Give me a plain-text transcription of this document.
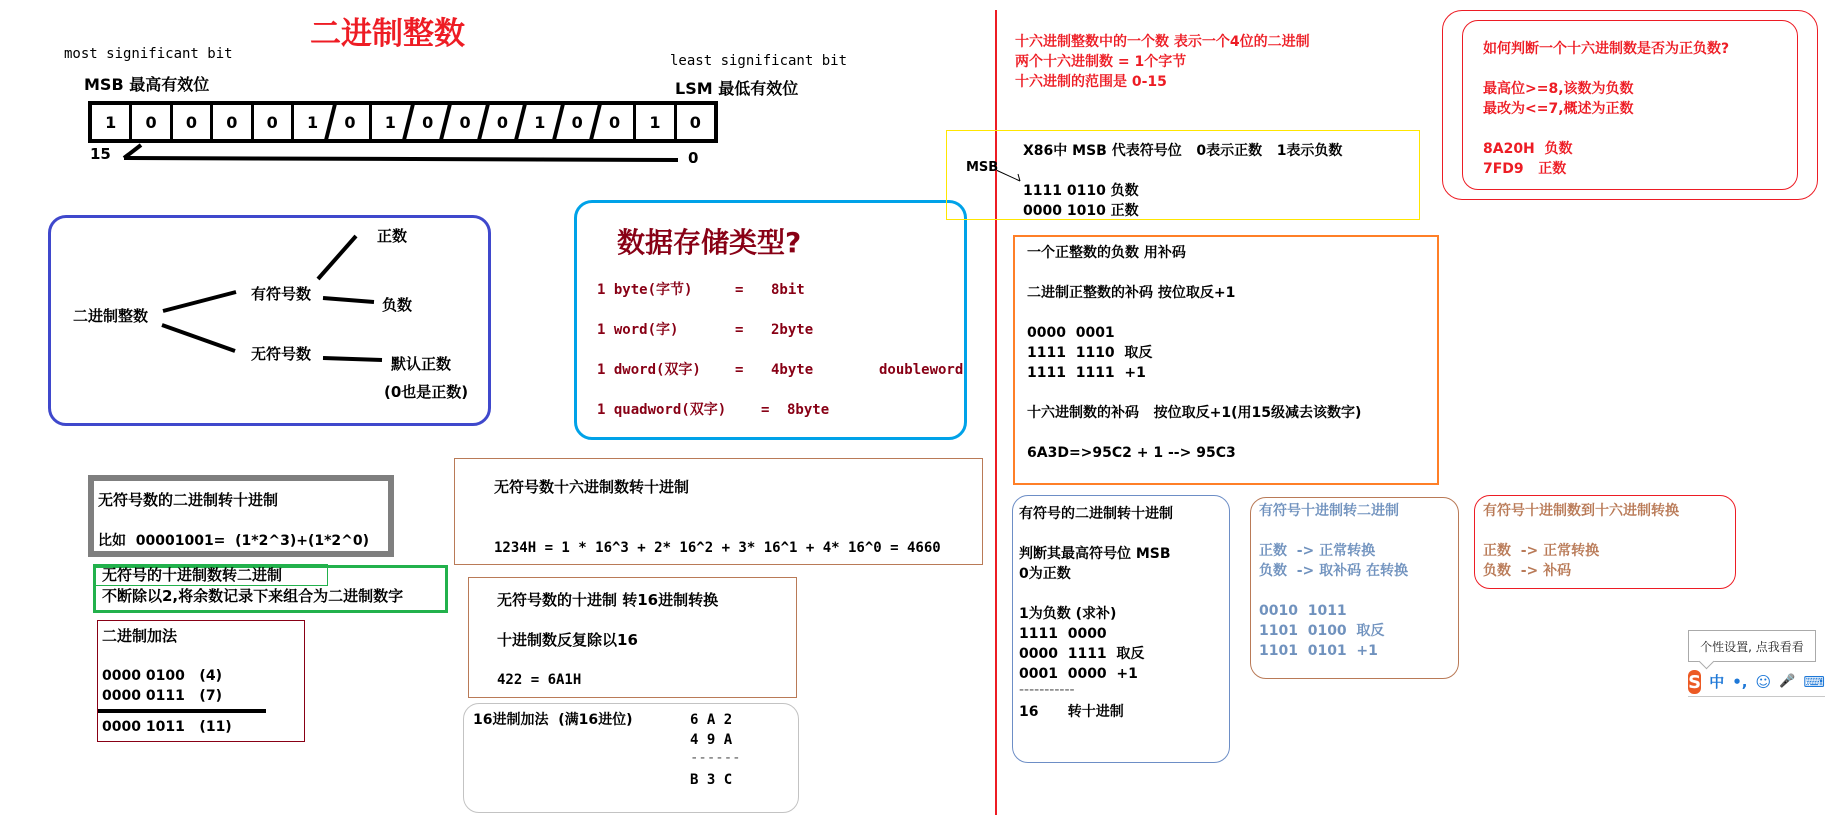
二进制整数
most significant bit
MSB 最高有效位
least significant bit
LSM 最低有效位
1	0	0	0	0	1	0	1	0	0	0	1	0	0	1	0
15	0
二进制整数
有符号数
无符号数
正数
负数
默认正数
(0也是正数)
数据存储类型?
1 byte(字节)	= 8bit
1 word(字)	= 2byte
1 dword(双字) = 4byte	doubleword
1 quadword(双字) = 8byte
无符号数的二进制转十进制
比如 00001001=  (1*2^3)+(1*2^0)
无符号的十进制数转二进制
不断除以2,将余数记录下来组合为二进制数字
二进制加法
0000 0100   (4)
0000 0111   (7)
0000 1011   (11)
无符号数十六进制数转十进制
1234H = 1 * 16^3 + 2* 16^2 + 3* 16^1 + 4* 16^0 = 4660
无符号数的十进制 转16进制转换
十进制数反复除以16
422 = 6A1H
16进制加法  (满16进位)	6 A 2
4 9 A
------
B 3 C
十六进制整数中的一个数 表示一个4位的二进制
两个十六进制数 = 1个字节
十六进制的范围是 0-15
X86中 MSB 代表符号位   0表示正数   1表示负数
1111 0110 负数
0000 1010 正数
MSB
如何判断一个十六进制数是否为正负数?
最高位>=8,该数为负数
最改为<=7,概述为正数
8A20H  负数
7FD9   正数
一个正整数的负数 用补码
二进制正整数的补码 按位取反+1
0000  0001
1111  1110  取反
1111  1111  +1
十六进制数的补码   按位取反+1(用15级减去该数字)
6A3D=>95C2 + 1 --> 95C3
有符号的二进制转十进制
判断其最高符号位 MSB
0为正数
1为负数 (求补)
1111  0000
0000  1111  取反
0001  0000  +1
-----------
16      转十进制
有符号十进制转二进制
正数  -> 正常转换
负数  -> 取补码 在转换
0010  1011
1101  0100  取反
1101  0101  +1
有符号十进制数到十六进制转换
正数  -> 正常转换
负数  -> 补码
个性设置, 点我看看
S 中 •, ☺ 🎤 ⌨
